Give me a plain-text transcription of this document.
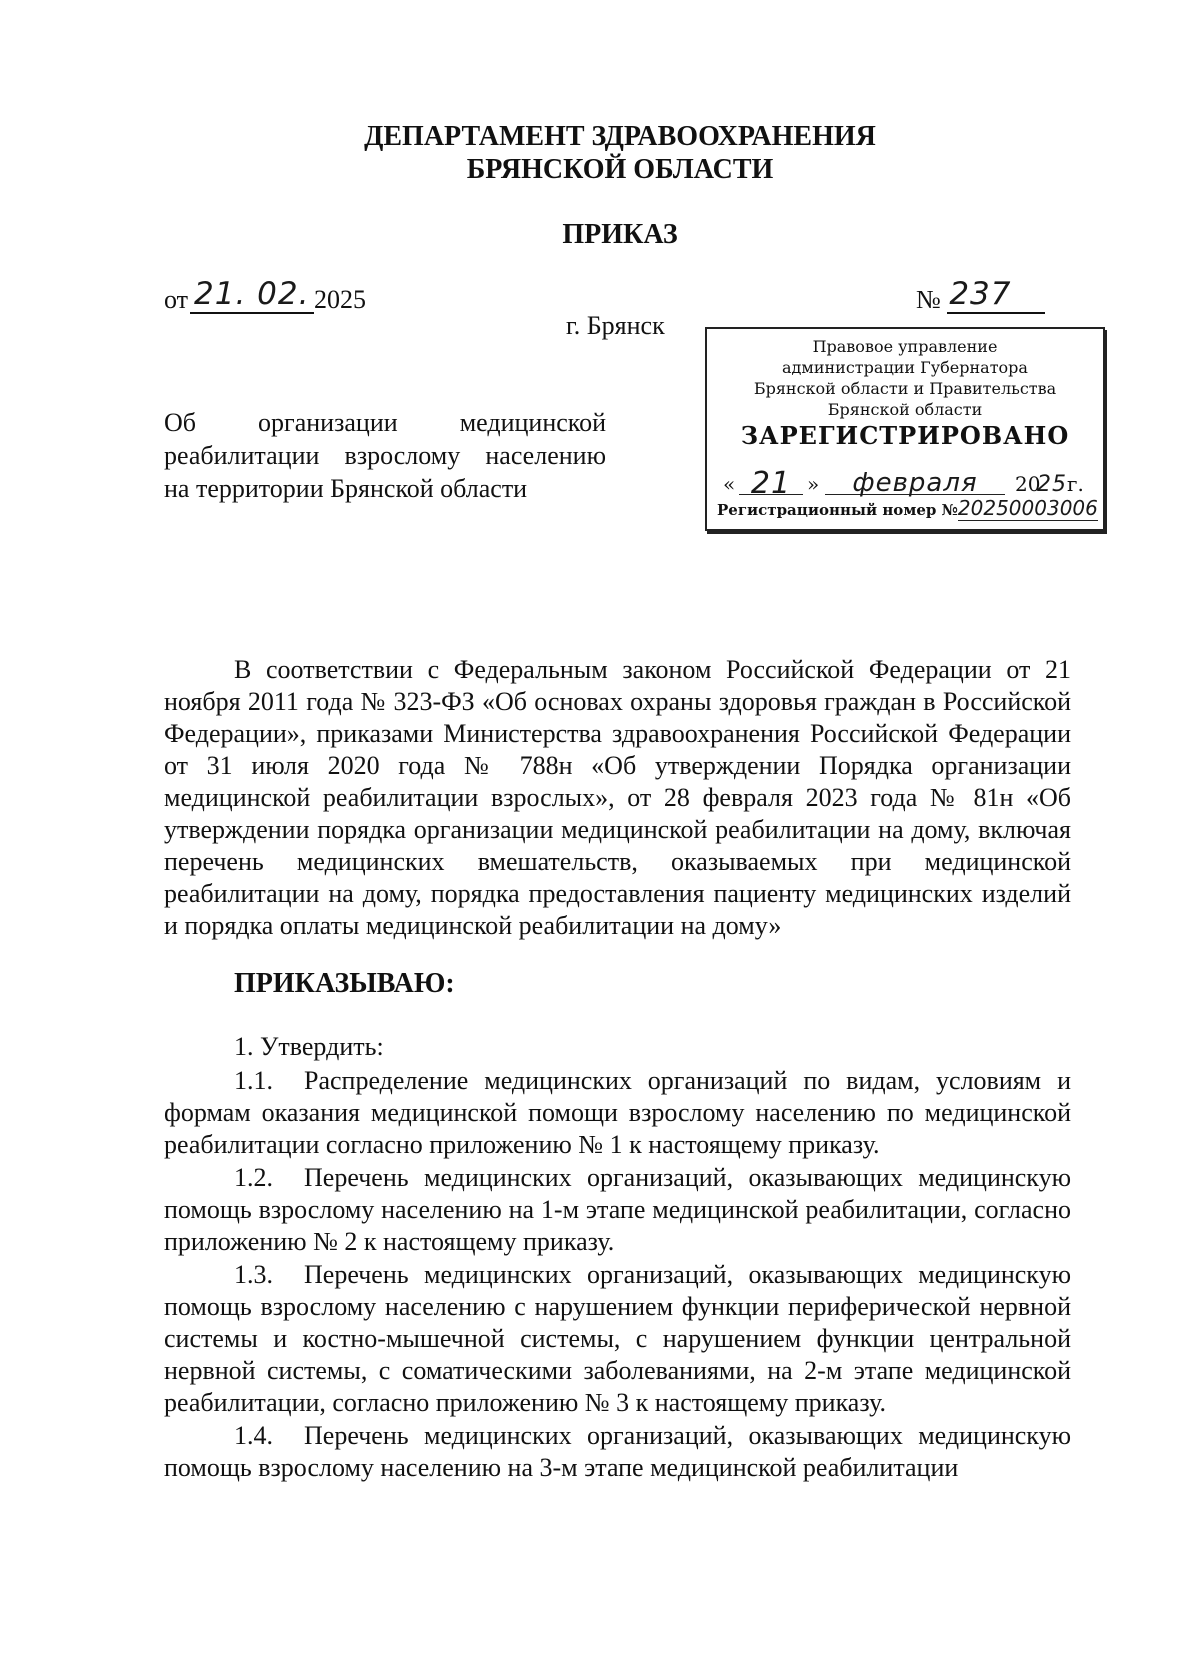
ДЕПАРТАМЕНТ ЗДРАВООХРАНЕНИЯ
БРЯНСКОЙ ОБЛАСТИ
ПРИКАЗ
от 21. 02. 2025	№ 237
г. Брянск
Правовое управление
администрации Губернатора
Брянской области и Правительства
Брянской области
ЗАРЕГИСТРИРОВАНО
« 21 »	февраля	20
25 г.
Регистрационный номер №20250003006
Об организации медицинской
реабилитации взрослому населению
на территории Брянской области
В соответствии с Федеральным законом Российской Федерации от 21 ноября 2011 года № 323-ФЗ «Об основах охраны здоровья граждан в Российской Федерации», приказами Министерства здравоохранения Российской Федерации от 31 июля 2020 года № 788н «Об утверждении Порядка организации медицинской реабилитации взрослых», от 28 февраля 2023 года № 81н «Об утверждении порядка организации медицинской реабилитации на дому, включая перечень медицинских вмешательств, оказываемых при медицинской реабилитации на дому, порядка предоставления пациенту медицинских изделий и порядка оплаты медицинской реабилитации на дому»
ПРИКАЗЫВАЮ:
1. Утвердить:

1.1. Распределение медицинских организаций по видам, условиям и формам оказания медицинской помощи взрослому населению по медицинской реабилитации согласно приложению № 1 к настоящему приказу.

1.2. Перечень медицинских организаций, оказывающих медицинскую помощь взрослому населению на 1-м этапе медицинской реабилитации, согласно приложению № 2 к настоящему приказу.

1.3. Перечень медицинских организаций, оказывающих медицинскую помощь взрослому населению с нарушением функции периферической нервной системы и костно-мышечной системы, с нарушением функции центральной нервной системы, с соматическими заболеваниями, на 2-м этапе медицинской реабилитации, согласно приложению № 3 к настоящему приказу.

1.4. Перечень медицинских организаций, оказывающих медицинскую помощь взрослому населению на 3-м этапе медицинской реабилитации
